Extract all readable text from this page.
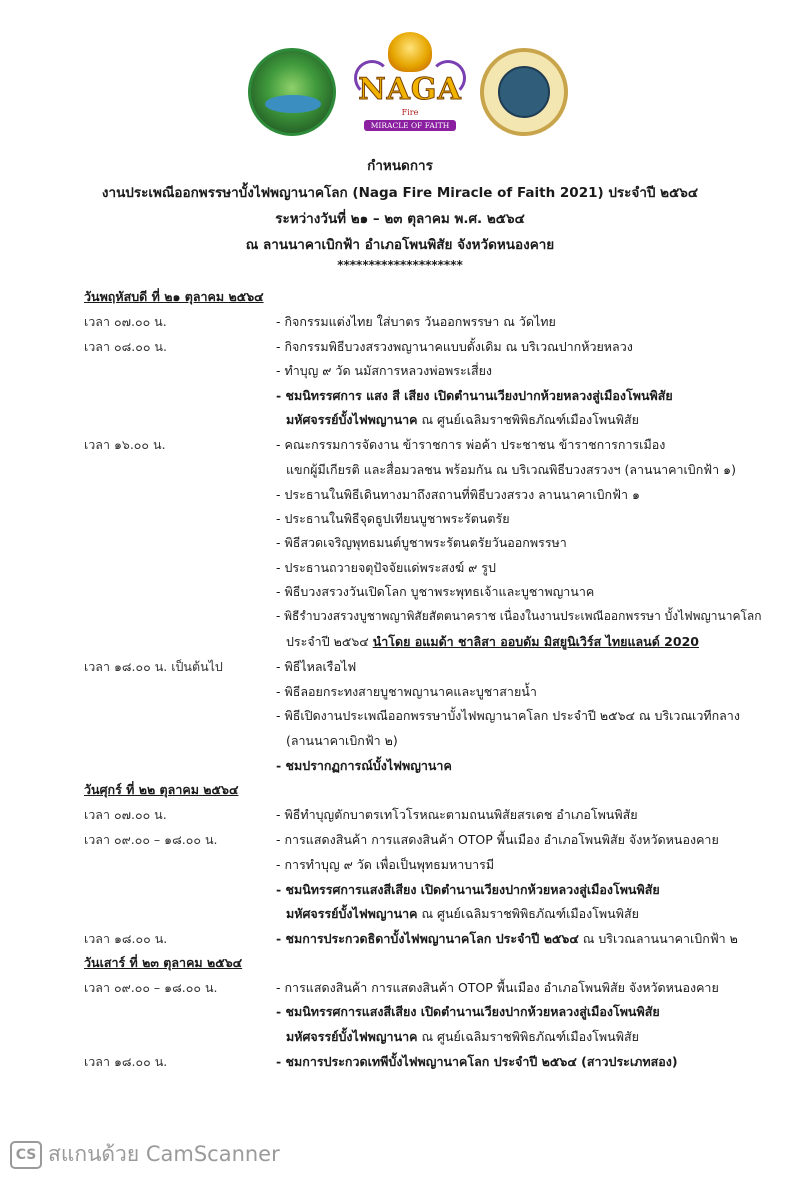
NAGA
Fire
MIRACLE OF FAITH
กำหนดการ
งานประเพณีออกพรรษาบั้งไฟพญานาคโลก (Naga Fire Miracle of Faith 2021) ประจำปี ๒๕๖๔
ระหว่างวันที่ ๒๑ – ๒๓ ตุลาคม พ.ศ. ๒๕๖๔
ณ ลานนาคาเบิกฟ้า อำเภอโพนพิสัย จังหวัดหนองคาย
********************
วันพฤหัสบดี ที่ ๒๑ ตุลาคม ๒๕๖๔
เวลา ๐๗.๐๐ น.	- กิจกรรมแต่งไทย ใส่บาตร วันออกพรรษา ณ วัดไทย
เวลา ๐๘.๐๐ น.	- กิจกรรมพิธีบวงสรวงพญานาคแบบดั้งเดิม ณ บริเวณปากห้วยหลวง
- ทำบุญ ๙ วัด นมัสการหลวงพ่อพระเสี่ยง
- ชมนิทรรศการ แสง สี เสียง เปิดตำนานเวียงปากห้วยหลวงสู่เมืองโพนพิสัย
มหัศจรรย์บั้งไฟพญานาค ณ ศูนย์เฉลิมราชพิพิธภัณฑ์เมืองโพนพิสัย
เวลา ๑๖.๐๐ น.	- คณะกรรมการจัดงาน ข้าราชการ พ่อค้า ประชาชน ข้าราชการการเมือง
แขกผู้มีเกียรติ และสื่อมวลชน พร้อมกัน ณ บริเวณพิธีบวงสรวงฯ (ลานนาคาเบิกฟ้า ๑)
- ประธานในพิธีเดินทางมาถึงสถานที่พิธีบวงสรวง ลานนาคาเบิกฟ้า ๑
- ประธานในพิธีจุดธูปเทียนบูชาพระรัตนตรัย
- พิธีสวดเจริญพุทธมนต์บูชาพระรัตนตรัยวันออกพรรษา
- ประธานถวายจตุปัจจัยแด่พระสงฆ์ ๙ รูป
- พิธีบวงสรวงวันเปิดโลก บูชาพระพุทธเจ้าและบูชาพญานาค
- พิธีรำบวงสรวงบูชาพญาพิสัยสัตตนาคราช เนื่องในงานประเพณีออกพรรษา บั้งไฟพญานาคโลก
ประจำปี ๒๕๖๔ นำโดย อแมด้า ชาลิสา ออบดัม มิสยูนิเวิร์ส ไทยแลนด์ 2020
เวลา ๑๘.๐๐ น. เป็นต้นไป	- พิธีไหลเรือไฟ
- พิธีลอยกระทงสายบูชาพญานาคและบูชาสายน้ำ
- พิธีเปิดงานประเพณีออกพรรษาบั้งไฟพญานาคโลก ประจำปี ๒๕๖๔ ณ บริเวณเวทีกลาง
(ลานนาคาเบิกฟ้า ๒)
- ชมปรากฏการณ์บั้งไฟพญานาค
วันศุกร์ ที่ ๒๒ ตุลาคม ๒๕๖๔
เวลา ๐๗.๐๐ น.	- พิธีทำบุญตักบาตรเทโวโรหณะตามถนนพิสัยสรเดช อำเภอโพนพิสัย
เวลา ๐๙.๐๐ – ๑๘.๐๐ น.	- การแสดงสินค้า การแสดงสินค้า OTOP พื้นเมือง อำเภอโพนพิสัย จังหวัดหนองคาย
- การทำบุญ ๙ วัด เพื่อเป็นพุทธมหาบารมี
- ชมนิทรรศการแสงสีเสียง เปิดตำนานเวียงปากห้วยหลวงสู่เมืองโพนพิสัย
มหัศจรรย์บั้งไฟพญานาค ณ ศูนย์เฉลิมราชพิพิธภัณฑ์เมืองโพนพิสัย
เวลา ๑๘.๐๐ น.	- ชมการประกวดธิดาบั้งไฟพญานาคโลก ประจำปี ๒๕๖๔ ณ บริเวณลานนาคาเบิกฟ้า ๒
วันเสาร์ ที่ ๒๓ ตุลาคม ๒๕๖๔
เวลา ๐๙.๐๐ – ๑๘.๐๐ น.	- การแสดงสินค้า การแสดงสินค้า OTOP พื้นเมือง อำเภอโพนพิสัย จังหวัดหนองคาย
- ชมนิทรรศการแสงสีเสียง เปิดตำนานเวียงปากห้วยหลวงสู่เมืองโพนพิสัย
มหัศจรรย์บั้งไฟพญานาค ณ ศูนย์เฉลิมราชพิพิธภัณฑ์เมืองโพนพิสัย
เวลา ๑๘.๐๐ น.	- ชมการประกวดเทพีบั้งไฟพญานาคโลก ประจำปี ๒๕๖๔ (สาวประเภทสอง)
CS สแกนด้วย CamScanner
